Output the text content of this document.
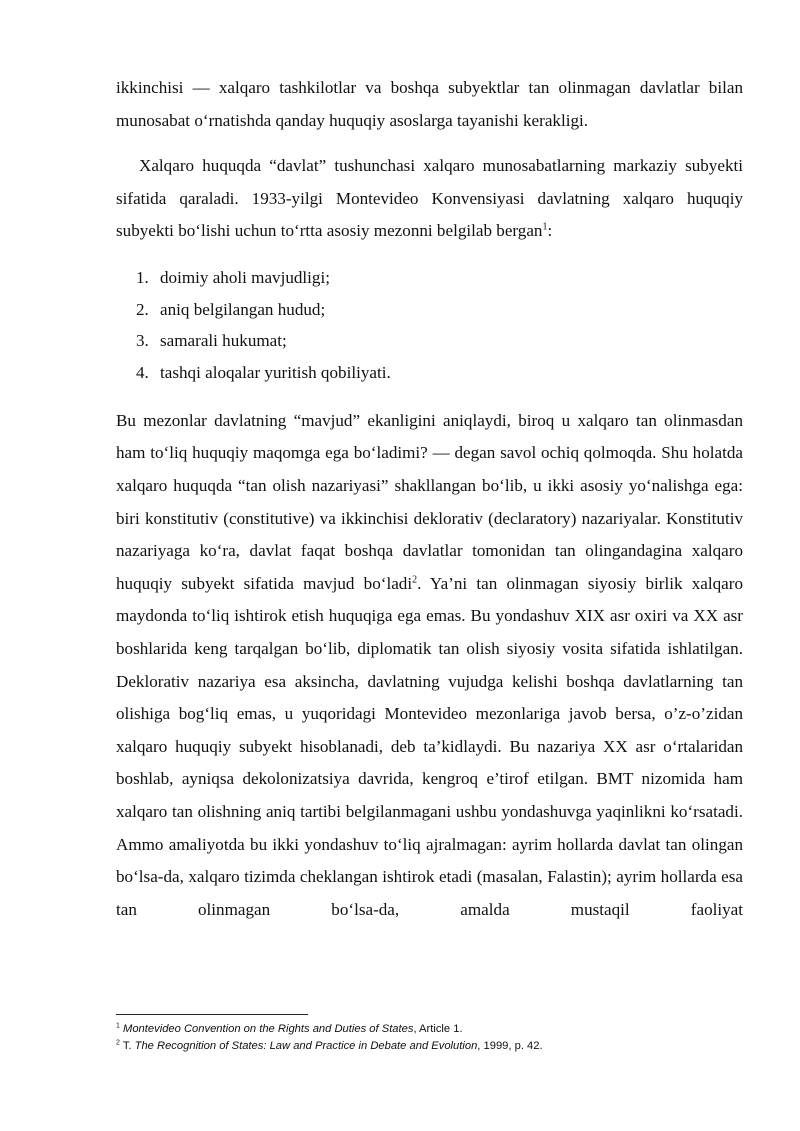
ikkinchisi — xalqaro tashkilotlar va boshqa subyektlar tan olinmagan davlatlar bilan munosabat oʻrnatishda qanday huquqiy asoslarga tayanishi kerakligi.

Xalqaro huquqda “davlat” tushunchasi xalqaro munosabatlarning markaziy subyekti sifatida qaraladi. 1933-yilgi Montevideo Konvensiyasi davlatning xalqaro huquqiy subyekti boʻlishi uchun toʻrtta asosiy mezonni belgilab bergan$^1$:

1. doimiy aholi mavjudligi;
2. aniq belgilangan hudud;
3. samarali hukumat;
4. tashqi aloqalar yuritish qobiliyati.

Bu mezonlar davlatning “mavjud” ekanligini aniqlaydi, biroq u xalqaro tan olinmasdan ham toʻliq huquqiy maqomga ega boʻladimi? — degan savol ochiq qolmoqda. Shu holatda xalqaro huquqda “tan olish nazariyasi” shakllangan boʻlib, u ikki asosiy yoʻnalishga ega: biri konstitutiv (constitutive) va ikkinchisi deklorativ (declaratory) nazariyalar. Konstitutiv nazariyaga koʻra, davlat faqat boshqa davlatlar tomonidan tan olingandagina xalqaro huquqiy subyekt sifatida mavjud boʻladi$^2$. Ya’ni tan olinmagan siyosiy birlik xalqaro maydonda toʻliq ishtirok etish huquqiga ega emas. Bu yondashuv XIX asr oxiri va XX asr boshlarida keng tarqalgan boʻlib, diplomatik tan olish siyosiy vosita sifatida ishlatilgan. Deklorativ nazariya esa aksincha, davlatning vujudga kelishi boshqa davlatlarning tan olishiga bogʻliq emas, u yuqoridagi Montevideo mezonlariga javob bersa, o’z-o’zidan xalqaro huquqiy subyekt hisoblanadi, deb ta’kidlaydi. Bu nazariya XX asr oʻrtalaridan boshlab, ayniqsa dekolonizatsiya davrida, kengroq e’tirof etilgan. BMT nizomida ham xalqaro tan olishning aniq tartibi belgilanmagani ushbu yondashuvga yaqinlikni koʻrsatadi. Ammo amaliyotda bu ikki yondashuv toʻliq ajralmagan: ayrim hollarda davlat tan olingan boʻlsa-da, xalqaro tizimda cheklangan ishtirok etadi (masalan, Falastin); ayrim hollarda esa tan olinmagan boʻlsa-da, amalda mustaqil faoliyat

$^1$ Montevideo Convention on the Rights and Duties of States, Article 1.
$^2$ T. The Recognition of States: Law and Practice in Debate and Evolution, 1999, p. 42.
